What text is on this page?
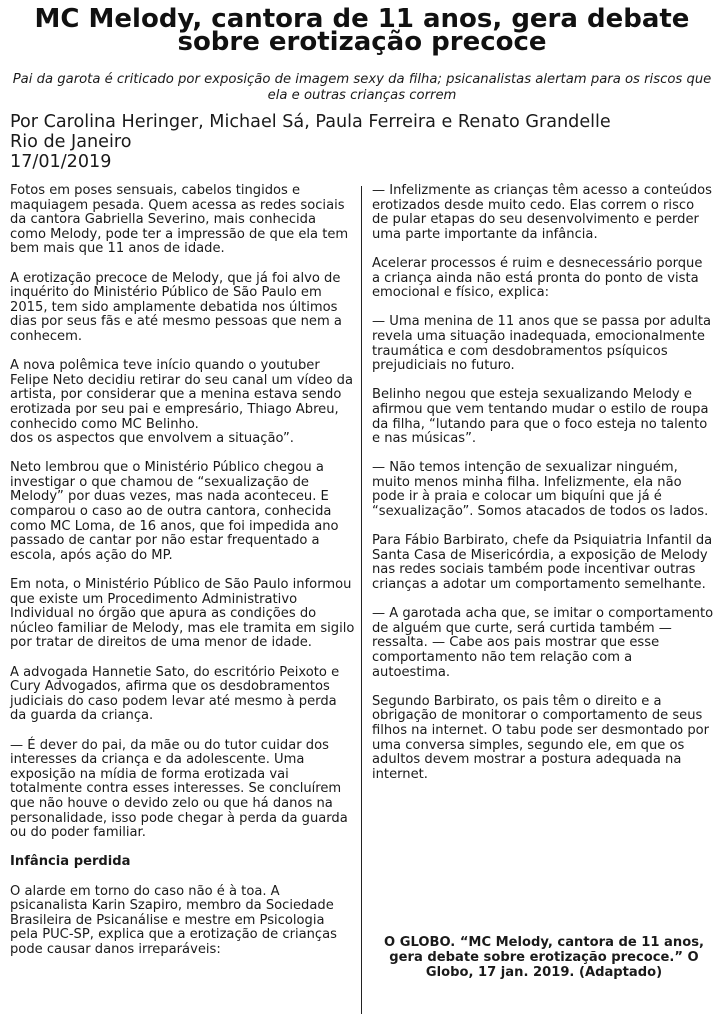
MC Melody, cantora de 11 anos, gera debate sobre erotização precoce

Pai da garota é criticado por exposição de imagem sexy da filha; psicanalistas alertam para os riscos que ela e outras crianças correm

Por Carolina Heringer, Michael Sá, Paula Ferreira e Renato Grandelle
Rio de Janeiro
17/01/2019

Fotos em poses sensuais, cabelos tingidos e maquiagem pesada. Quem acessa as redes sociais da cantora Gabriella Severino, mais conhecida como Melody, pode ter a impressão de que ela tem bem mais que 11 anos de idade.

A erotização precoce de Melody, que já foi alvo de inquérito do Ministério Público de São Paulo em 2015, tem sido amplamente debatida nos últimos dias por seus fãs e até mesmo pessoas que nem a conhecem.

A nova polêmica teve início quando o youtuber Felipe Neto decidiu retirar do seu canal um vídeo da artista, por considerar que a menina estava sendo erotizada por seu pai e empresário, Thiago Abreu, conhecido como MC Belinho.
dos os aspectos que envolvem a situação”.

Neto lembrou que o Ministério Público chegou a investigar o que chamou de “sexualização de Melody” por duas vezes, mas nada aconteceu. E comparou o caso ao de outra cantora, conhecida como MC Loma, de 16 anos, que foi impedida ano passado de cantar por não estar frequentado a escola, após ação do MP.

Em nota, o Ministério Público de São Paulo informou que existe um Procedimento Administrativo Individual no órgão que apura as condições do núcleo familiar de Melody, mas ele tramita em sigilo por tratar de direitos de uma menor de idade.

A advogada Hannetie Sato, do escritório Peixoto e Cury Advogados, afirma que os desdobramentos judiciais do caso podem levar até mesmo à perda da guarda da criança.

— É dever do pai, da mãe ou do tutor cuidar dos interesses da criança e da adolescente. Uma exposição na mídia de forma erotizada vai totalmente contra esses interesses. Se concluírem que não houve o devido zelo ou que há danos na personalidade, isso pode chegar à perda da guarda ou do poder familiar.

Infância perdida

O alarde em torno do caso não é à toa. A psicanalista Karin Szapiro, membro da Sociedade Brasileira de Psicanálise e mestre em Psicologia pela PUC-SP, explica que a erotização de crianças pode causar danos irreparáveis:

— Infelizmente as crianças têm acesso a conteúdos erotizados desde muito cedo. Elas correm o risco de pular etapas do seu desenvolvimento e perder uma parte importante da infância.

Acelerar processos é ruim e desnecessário porque a criança ainda não está pronta do ponto de vista emocional e físico, explica:

— Uma menina de 11 anos que se passa por adulta revela uma situação inadequada, emocionalmente traumática e com desdobramentos psíquicos prejudiciais no futuro.

Belinho negou que esteja sexualizando Melody e afirmou que vem tentando mudar o estilo de roupa da filha, “lutando para que o foco esteja no talento e nas músicas”.

— Não temos intenção de sexualizar ninguém, muito menos minha filha. Infelizmente, ela não pode ir à praia e colocar um biquíni que já é “sexualização”. Somos atacados de todos os lados.

Para Fábio Barbirato, chefe da Psiquiatria Infantil da Santa Casa de Misericórdia, a exposição de Melody nas redes sociais também pode incentivar outras crianças a adotar um comportamento semelhante.

— A garotada acha que, se imitar o comportamento de alguém que curte, será curtida também — ressalta. — Cabe aos pais mostrar que esse comportamento não tem relação com a autoestima.

Segundo Barbirato, os pais têm o direito e a obrigação de monitorar o comportamento de seus filhos na internet. O tabu pode ser desmontado por uma conversa simples, segundo ele, em que os adultos devem mostrar a postura adequada na internet.

O GLOBO. “MC Melody, cantora de 11 anos, gera debate sobre erotização precoce.” O Globo, 17 jan. 2019. (Adaptado)
